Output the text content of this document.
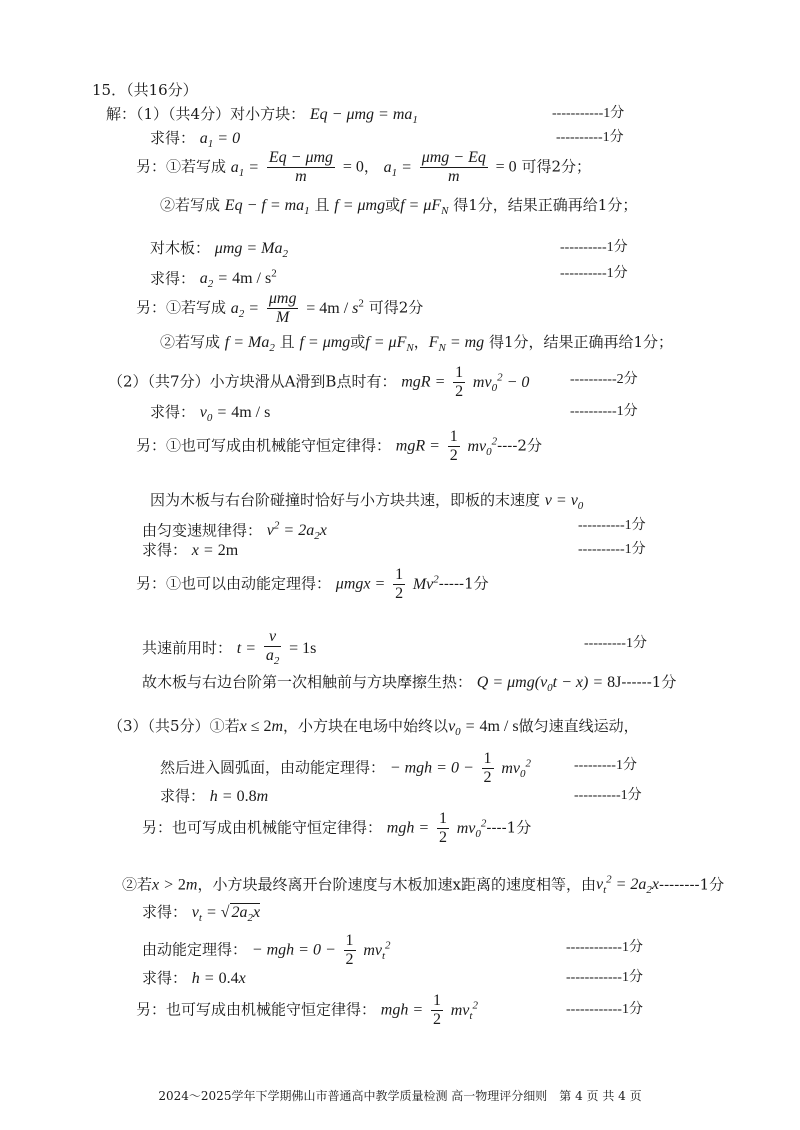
15．（共16分）
解：（1）（共4分）对小方块： $Eq - \mu mg = ma_1$	-----------1分
求得： $a_1 = 0$	----------1分
另：①若写成 $a_1$ =
Eq − μmg
m
= 0， $a_1$ =
μmg − Eq
m
= 0 可得2分；
②若写成 $Eq - f = ma_1$ 且 f = μmg或$f = \mu F_N$ 得1分，结果正确再给1分；
对木板： $\mu mg = Ma_2$	----------1分
求得： $a_2 = 4m / s^2$	----------1分
另：①若写成 $a_2$ =
μmg
M
= $4m / s^2$ 可得2分
②若写成 $f = Ma_2$ 且 f = μmg或$f = \mu F_N$，$F_N$ = mg 得1分，结果正确再给1分；
（2）（共7分）小方块滑从A滑到B点时有： mgR = $\frac{1}{2} mv_0^2 - 0$	----------2分
求得： $v_0 = 4m / s$	----------1分
另：①也可写成由机械能守恒定律得： mgR = $\frac{1}{2} mv_0^2----2$分
因为木板与右台阶碰撞时恰好与小方块共速，即板的末速度 $v = v_0$
由匀变速规律得： $v^2 = 2a_2x$	----------1分
求得： x = 2m	----------1分
另：①也可以由动能定理得： $\mu mgx = \frac{1}{2} Mv^2-----1$分
共速前用时： $t = \frac{v}{a_2} = 1s$	---------1分
故木板与右边台阶第一次相触前与方块摩擦生热： $Q = \mu mg(v_0t - x) = 8J------1$分
（3）（共5分）①若x ≤ 2m，小方块在电场中始终以$v_0 = 4m / s$做匀速直线运动，
然后进入圆弧面，由动能定理得： − mgh = $0 - \frac{1}{2} mv_0^2$	---------1分
求得： h = 0.8m	----------1分
另：也可写成由机械能守恒定律得： mgh = $\frac{1}{2} mv_0^2----1$分
②若x > 2m，小方块最终离开台阶速度与木板加速x距离的速度相等，由$v_t^2 = 2a_2x--------1$分
求得： $v_t$ = √ $2a_2x$
由动能定理得： − mgh = $0 - \frac{1}{2} mv_t^2$	------------1分
求得： h = 0.4x	------------1分
另：也可写成由机械能守恒定律得： mgh = $\frac{1}{2} mv_t^2$	------------1分
2024～2025学年下学期佛山市普通高中教学质量检测 高一物理评分细则　第 4 页 共 4 页
